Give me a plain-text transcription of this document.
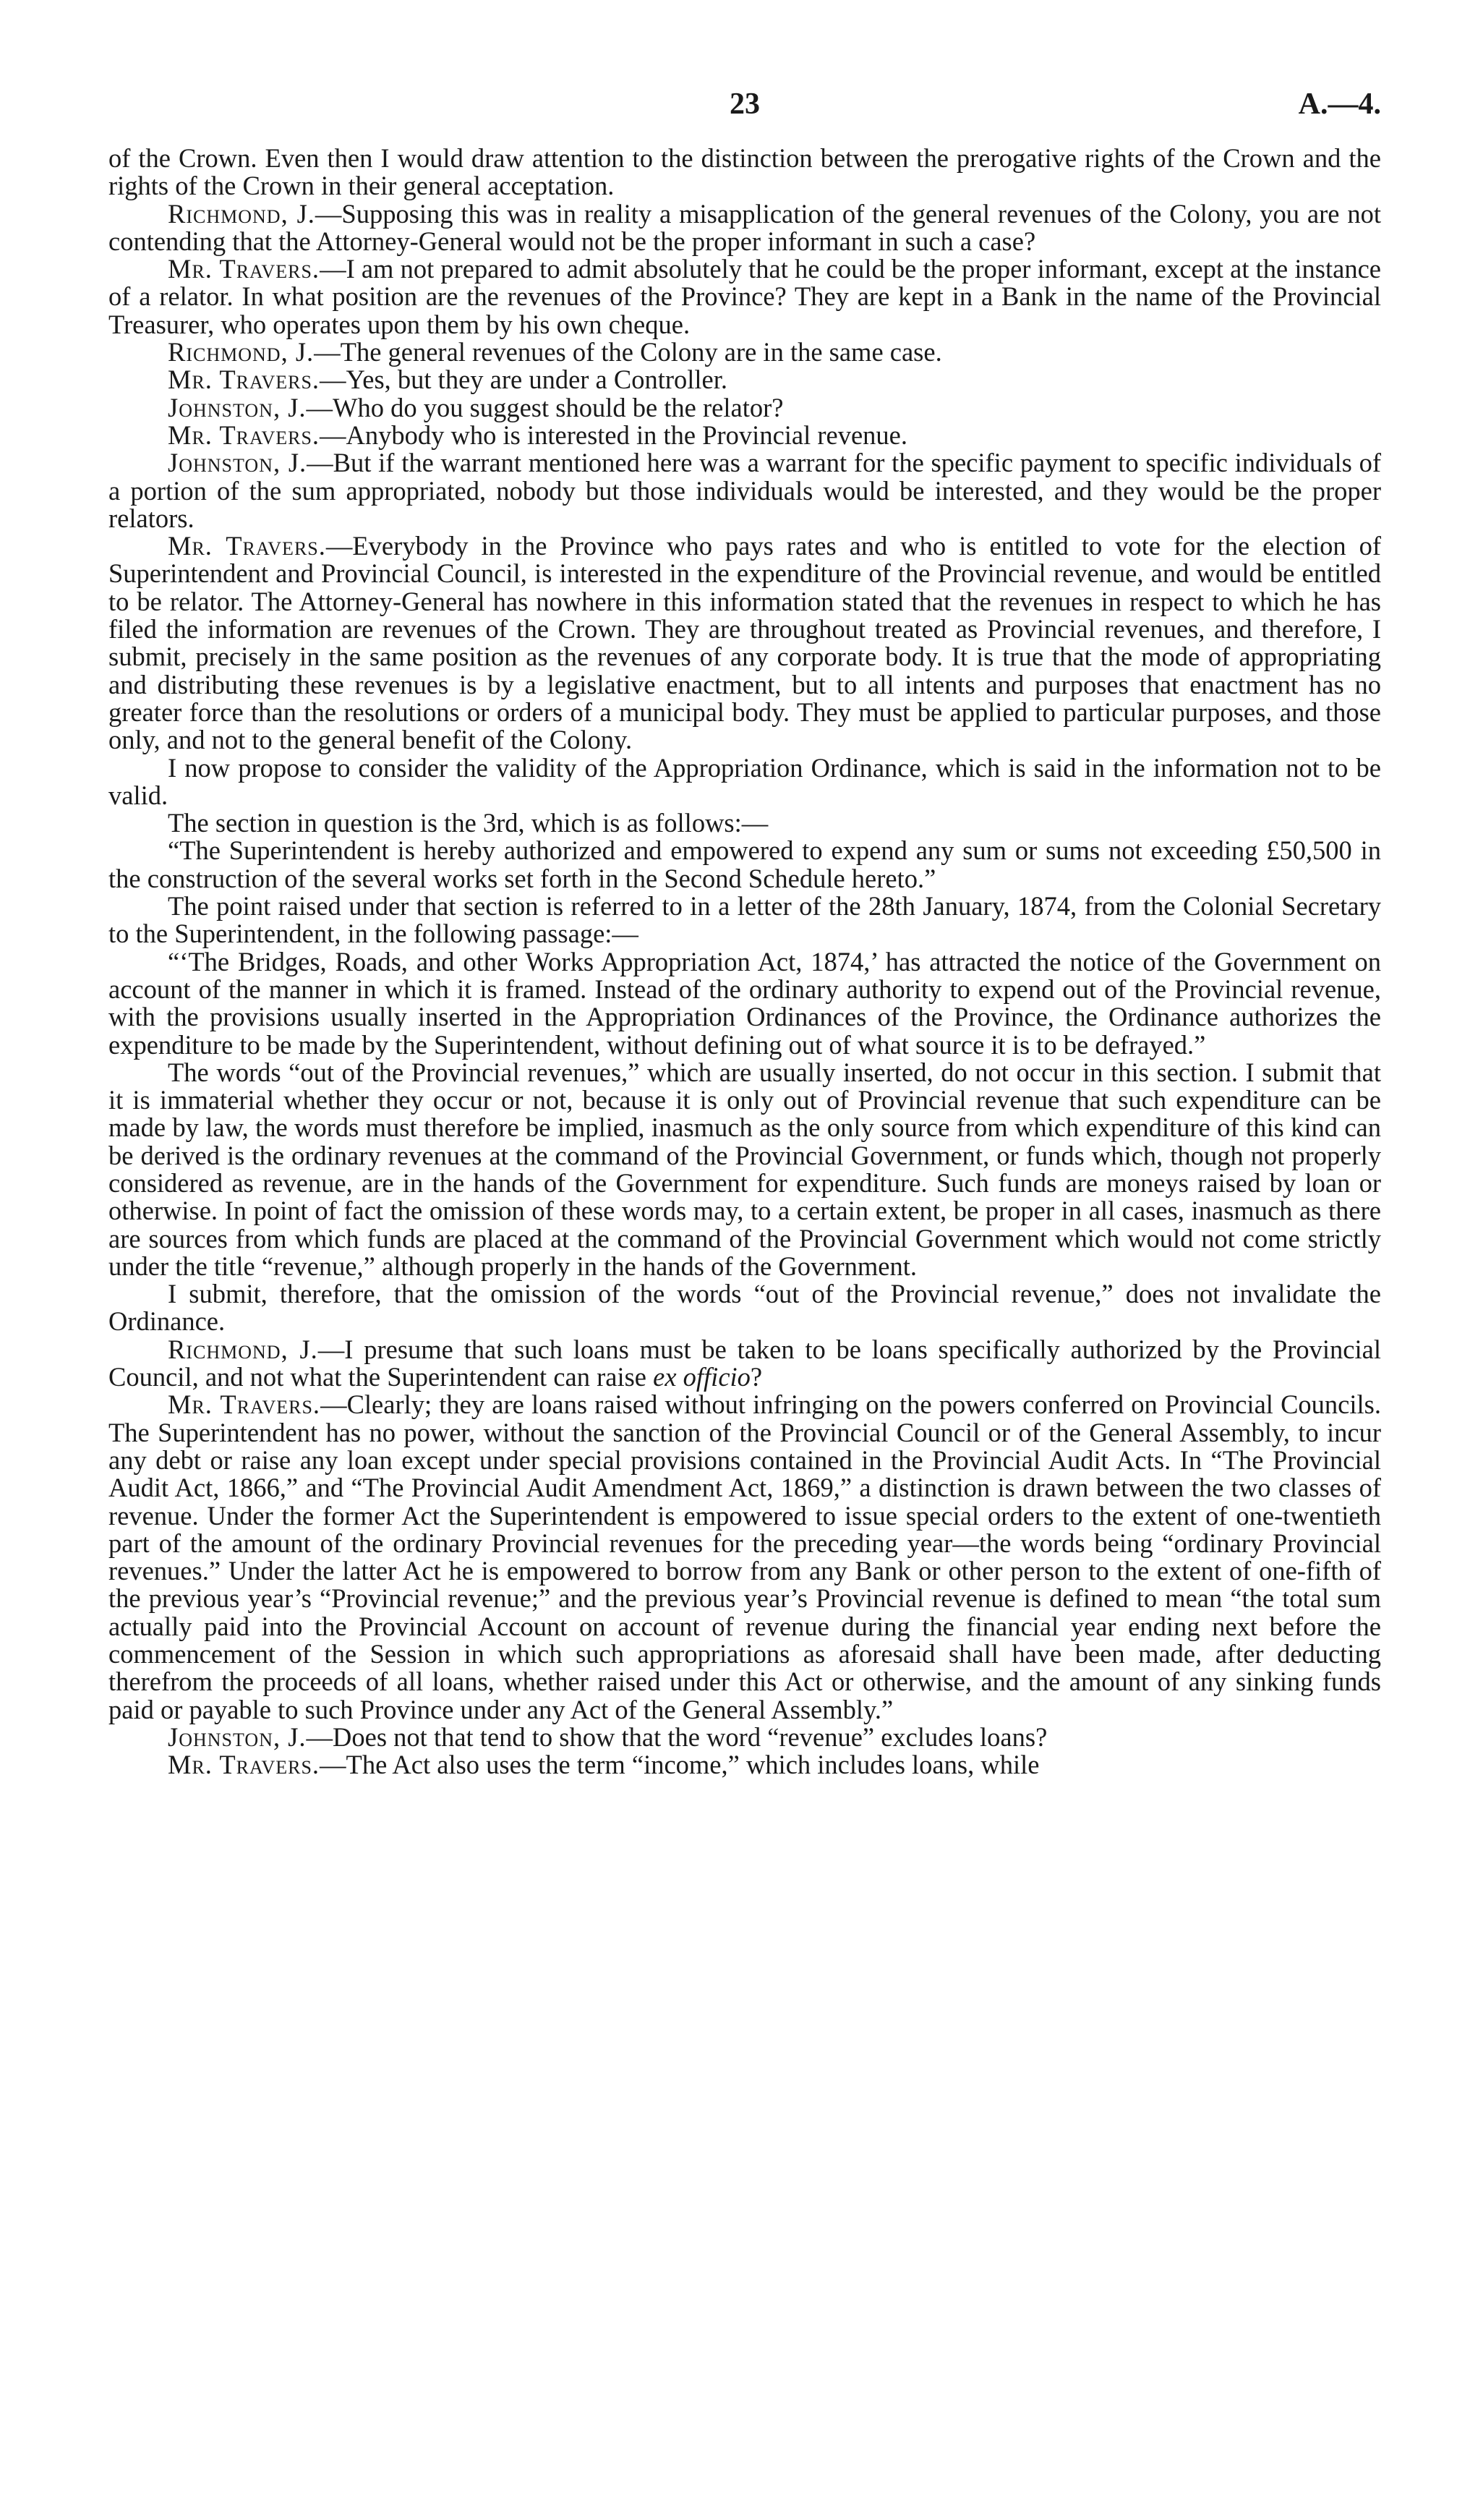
23	A.—4.

of the Crown. Even then I would draw attention to the distinction between the prerogative rights of the Crown and the rights of the Crown in their general acceptation.

Richmond, J.—Supposing this was in reality a misapplication of the general revenues of the Colony, you are not contending that the Attorney-General would not be the proper informant in such a case?

Mr. Travers.—I am not prepared to admit absolutely that he could be the proper informant, except at the instance of a relator. In what position are the revenues of the Province? They are kept in a Bank in the name of the Provincial Treasurer, who operates upon them by his own cheque.

Richmond, J.—The general revenues of the Colony are in the same case.

Mr. Travers.—Yes, but they are under a Controller.

Johnston, J.—Who do you suggest should be the relator?

Mr. Travers.—Anybody who is interested in the Provincial revenue.

Johnston, J.—But if the warrant mentioned here was a warrant for the specific payment to specific individuals of a portion of the sum appropriated, nobody but those individuals would be interested, and they would be the proper relators.

Mr. Travers.—Everybody in the Province who pays rates and who is entitled to vote for the election of Superintendent and Provincial Council, is interested in the expenditure of the Provincial revenue, and would be entitled to be relator. The Attorney-General has nowhere in this information stated that the revenues in respect to which he has filed the information are revenues of the Crown. They are throughout treated as Provincial revenues, and therefore, I submit, precisely in the same position as the revenues of any corporate body. It is true that the mode of appropriating and distributing these revenues is by a legislative enactment, but to all intents and purposes that enactment has no greater force than the resolutions or orders of a municipal body. They must be applied to particular purposes, and those only, and not to the general benefit of the Colony.

I now propose to consider the validity of the Appropriation Ordinance, which is said in the information not to be valid.

The section in question is the 3rd, which is as follows:—

“The Superintendent is hereby authorized and empowered to expend any sum or sums not exceeding £50,500 in the construction of the several works set forth in the Second Schedule hereto.”

The point raised under that section is referred to in a letter of the 28th January, 1874, from the Colonial Secretary to the Superintendent, in the following passage:—

“‘The Bridges, Roads, and other Works Appropriation Act, 1874,’ has attracted the notice of the Government on account of the manner in which it is framed. Instead of the ordinary authority to expend out of the Provincial revenue, with the provisions usually inserted in the Appropriation Ordinances of the Province, the Ordinance authorizes the expenditure to be made by the Superintendent, without defining out of what source it is to be defrayed.”

The words “out of the Provincial revenues,” which are usually inserted, do not occur in this section. I submit that it is immaterial whether they occur or not, because it is only out of Provincial revenue that such expenditure can be made by law, the words must therefore be implied, inasmuch as the only source from which expenditure of this kind can be derived is the ordinary revenues at the command of the Provincial Government, or funds which, though not properly considered as revenue, are in the hands of the Government for expenditure. Such funds are moneys raised by loan or otherwise. In point of fact the omission of these words may, to a certain extent, be proper in all cases, inasmuch as there are sources from which funds are placed at the command of the Provincial Government which would not come strictly under the title “revenue,” although properly in the hands of the Government.

I submit, therefore, that the omission of the words “out of the Provincial revenue,” does not invalidate the Ordinance.

Richmond, J.—I presume that such loans must be taken to be loans specifically authorized by the Provincial Council, and not what the Superintendent can raise ex officio?

Mr. Travers.—Clearly; they are loans raised without infringing on the powers conferred on Provincial Councils. The Superintendent has no power, without the sanction of the Provincial Council or of the General Assembly, to incur any debt or raise any loan except under special provisions contained in the Provincial Audit Acts. In “The Provincial Audit Act, 1866,” and “The Provincial Audit Amendment Act, 1869,” a distinction is drawn between the two classes of revenue. Under the former Act the Superintendent is empowered to issue special orders to the extent of one-twentieth part of the amount of the ordinary Provincial revenues for the preceding year—the words being “ordinary Provincial revenues.” Under the latter Act he is empowered to borrow from any Bank or other person to the extent of one-fifth of the previous year’s “Provincial revenue;” and the previous year’s Provincial revenue is defined to mean “the total sum actually paid into the Provincial Account on account of revenue during the financial year ending next before the commencement of the Session in which such appropriations as aforesaid shall have been made, after deducting therefrom the proceeds of all loans, whether raised under this Act or otherwise, and the amount of any sinking funds paid or payable to such Province under any Act of the General Assembly.”

Johnston, J.—Does not that tend to show that the word “revenue” excludes loans?

Mr. Travers.—The Act also uses the term “income,” which includes loans, while
